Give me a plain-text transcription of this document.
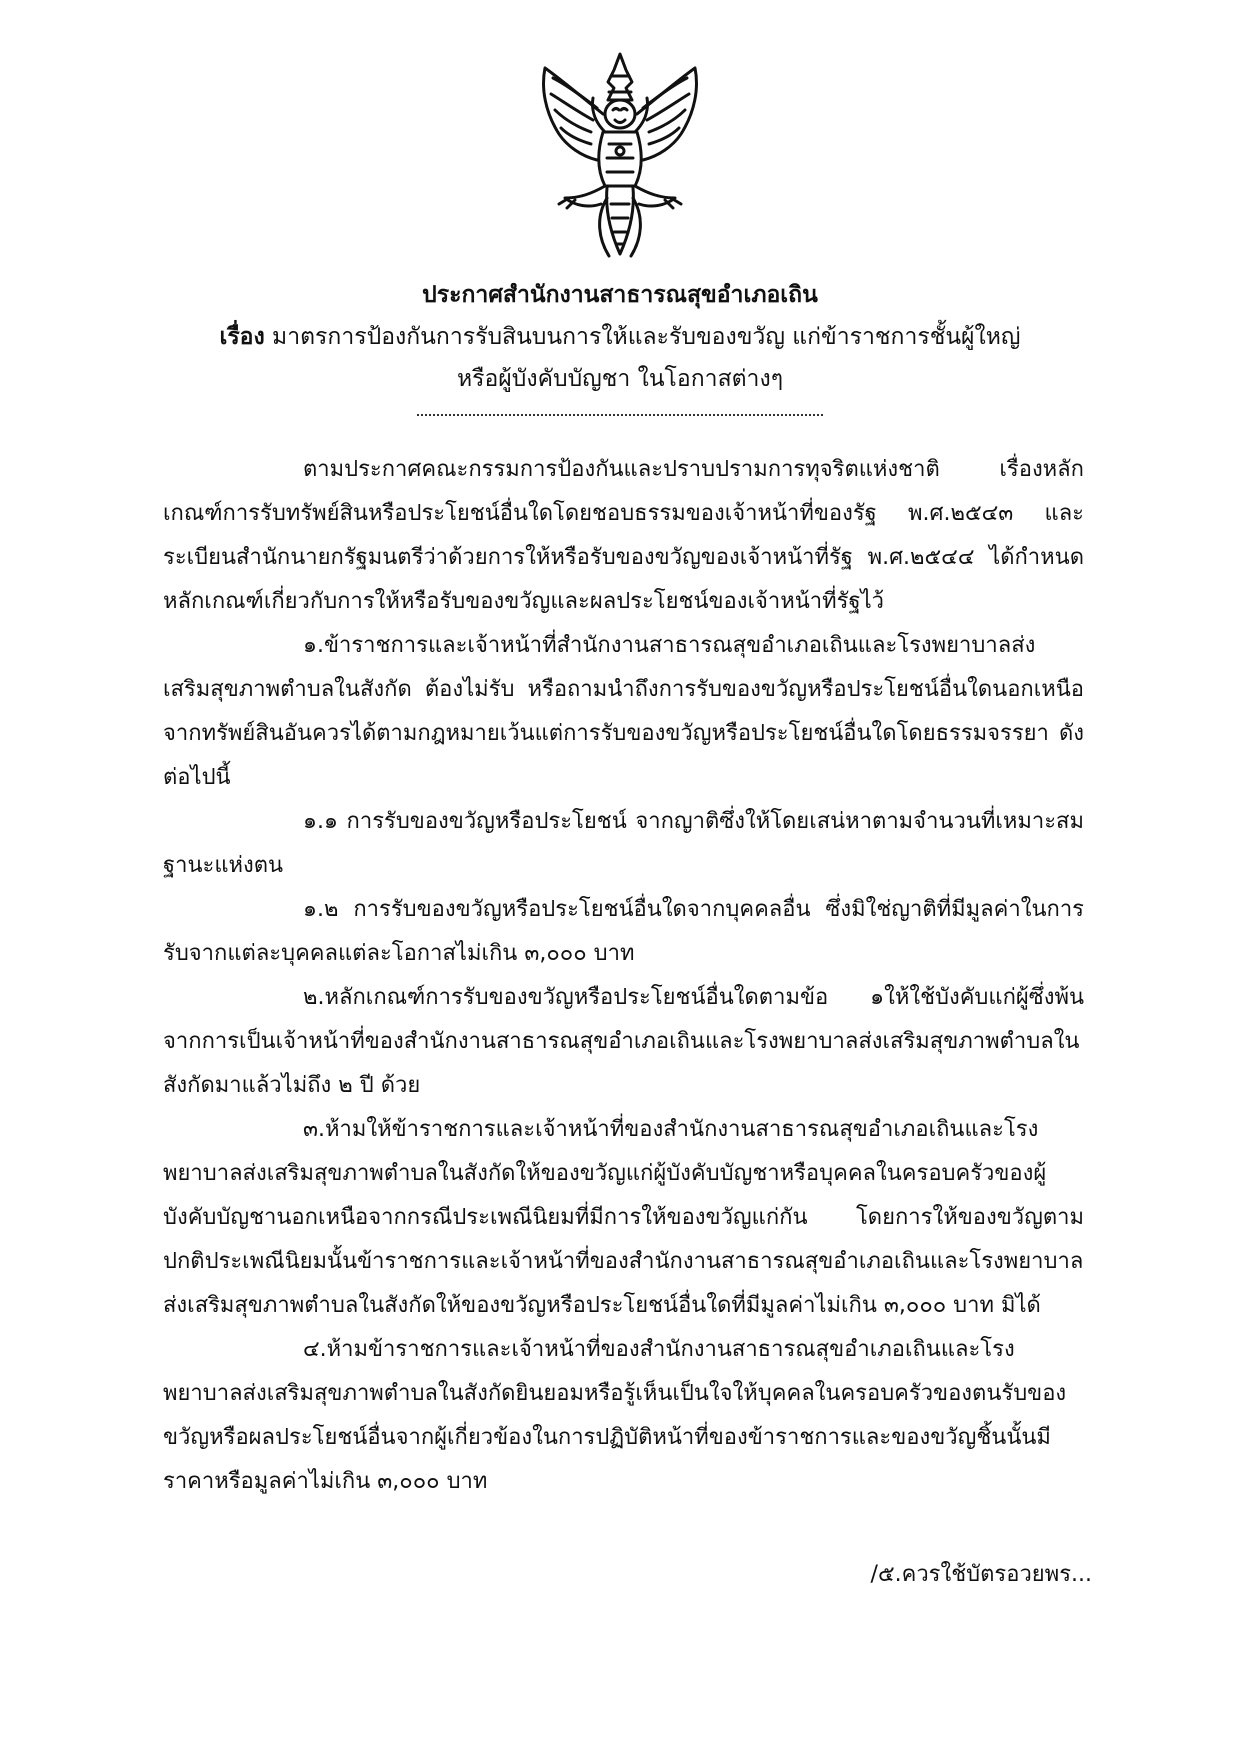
ประกาศสำนักงานสาธารณสุขอำเภอเถิน
เรื่อง มาตรการป้องกันการรับสินบนการให้และรับของขวัญ แก่ข้าราชการชั้นผู้ใหญ่
หรือผู้บังคับบัญชา ในโอกาสต่างๆ

ตามประกาศคณะกรรมการป้องกันและปราบปรามการทุจริตแห่งชาติ เรื่องหลักเกณฑ์การรับทรัพย์สินหรือประโยชน์อื่นใดโดยชอบธรรมของเจ้าหน้าที่ของรัฐ พ.ศ.๒๕๔๓ และระเบียนสำนักนายกรัฐมนตรีว่าด้วยการให้หรือรับของขวัญของเจ้าหน้าที่รัฐ พ.ศ.๒๕๔๔ ได้กำหนดหลักเกณฑ์เกี่ยวกับการให้หรือรับของขวัญและผลประโยชน์ของเจ้าหน้าที่รัฐไว้

๑.ข้าราชการและเจ้าหน้าที่สำนักงานสาธารณสุขอำเภอเถินและโรงพยาบาลส่งเสริมสุขภาพตำบลในสังกัด ต้องไม่รับ หรือถามนำถึงการรับของขวัญหรือประโยชน์อื่นใดนอกเหนือจากทรัพย์สินอันควรได้ตามกฎหมายเว้นแต่การรับของขวัญหรือประโยชน์อื่นใดโดยธรรมจรรยา ดังต่อไปนี้

๑.๑ การรับของขวัญหรือประโยชน์ จากญาติซึ่งให้โดยเสน่หาตามจำนวนที่เหมาะสมฐานะแห่งตน

๑.๒ การรับของขวัญหรือประโยชน์อื่นใดจากบุคคลอื่น ซึ่งมิใช่ญาติที่มีมูลค่าในการรับจากแต่ละบุคคลแต่ละโอกาสไม่เกิน ๓,๐๐๐ บาท

๒.หลักเกณฑ์การรับของขวัญหรือประโยชน์อื่นใดตามข้อ ๑ให้ใช้บังคับแก่ผู้ซึ่งพ้นจากการเป็นเจ้าหน้าที่ของสำนักงานสาธารณสุขอำเภอเถินและโรงพยาบาลส่งเสริมสุขภาพตำบลในสังกัดมาแล้วไม่ถึง ๒ ปี ด้วย

๓.ห้ามให้ข้าราชการและเจ้าหน้าที่ของสำนักงานสาธารณสุขอำเภอเถินและโรงพยาบาลส่งเสริมสุขภาพตำบลในสังกัดให้ของขวัญแก่ผู้บังคับบัญชาหรือบุคคลในครอบครัวของผู้บังคับบัญชานอกเหนือจากกรณีประเพณีนิยมที่มีการให้ของขวัญแก่กัน โดยการให้ของขวัญตามปกติประเพณีนิยมนั้นข้าราชการและเจ้าหน้าที่ของสำนักงานสาธารณสุขอำเภอเถินและโรงพยาบาลส่งเสริมสุขภาพตำบลในสังกัดให้ของขวัญหรือประโยชน์อื่นใดที่มีมูลค่าไม่เกิน ๓,๐๐๐ บาท มิได้

๔.ห้ามข้าราชการและเจ้าหน้าที่ของสำนักงานสาธารณสุขอำเภอเถินและโรงพยาบาลส่งเสริมสุขภาพตำบลในสังกัดยินยอมหรือรู้เห็นเป็นใจให้บุคคลในครอบครัวของตนรับของขวัญหรือผลประโยชน์อื่นจากผู้เกี่ยวข้องในการปฏิบัติหน้าที่ของข้าราชการและของขวัญชิ้นนั้นมีราคาหรือมูลค่าไม่เกิน ๓,๐๐๐ บาท

/๕.ควรใช้บัตรอวยพร...
